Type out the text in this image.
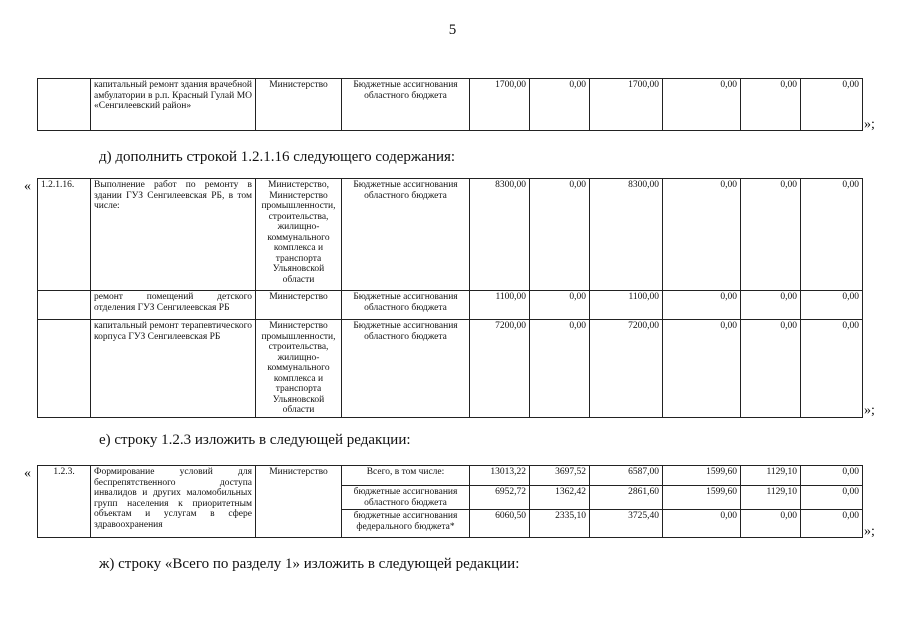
5
	капитальный ремонт здания врачебной амбулатории в р.п. Красный Гулай МО «Сенгилеевский район»	Министерство	Бюджетные ассигнования областного бюджета	1700,00	0,00	1700,00	0,00	0,00	0,00
»;
д) дополнить строкой 1.2.1.16 следующего содержания:
« 1.2.1.16.	Выполнение работ по ремонту в здании ГУЗ Сенгилеевская РБ, в том числе:	Министерство, Министерство промышленности, строительства, жилищно-коммунального комплекса и транспорта Ульяновской области	Бюджетные ассигнования областного бюджета	8300,00	0,00	8300,00	0,00	0,00	0,00
	ремонт помещений детского отделения ГУЗ Сенгилеевская РБ	Министерство	Бюджетные ассигнования областного бюджета	1100,00	0,00	1100,00	0,00	0,00	0,00
	капитальный ремонт терапевтического корпуса ГУЗ Сенгилеевская РБ	Министерство промышленности, строительства, жилищно-коммунального комплекса и транспорта Ульяновской области	Бюджетные ассигнования областного бюджета	7200,00	0,00	7200,00	0,00	0,00	0,00
»;
е) строку 1.2.3 изложить в следующей редакции:
« 1.2.3.	Формирование условий для беспрепятственного доступа инвалидов и других маломобильных групп населения к приоритетным объектам и услугам в сфере здравоохранения	Министерство	Всего, в том числе:	13013,22	3697,52	6587,00	1599,60	1129,10	0,00
			бюджетные ассигнования областного бюджета	6952,72	1362,42	2861,60	1599,60	1129,10	0,00
			бюджетные ассигнования федерального бюджета*	6060,50	2335,10	3725,40	0,00	0,00	0,00
»;
ж) строку «Всего по разделу 1» изложить в следующей редакции:
